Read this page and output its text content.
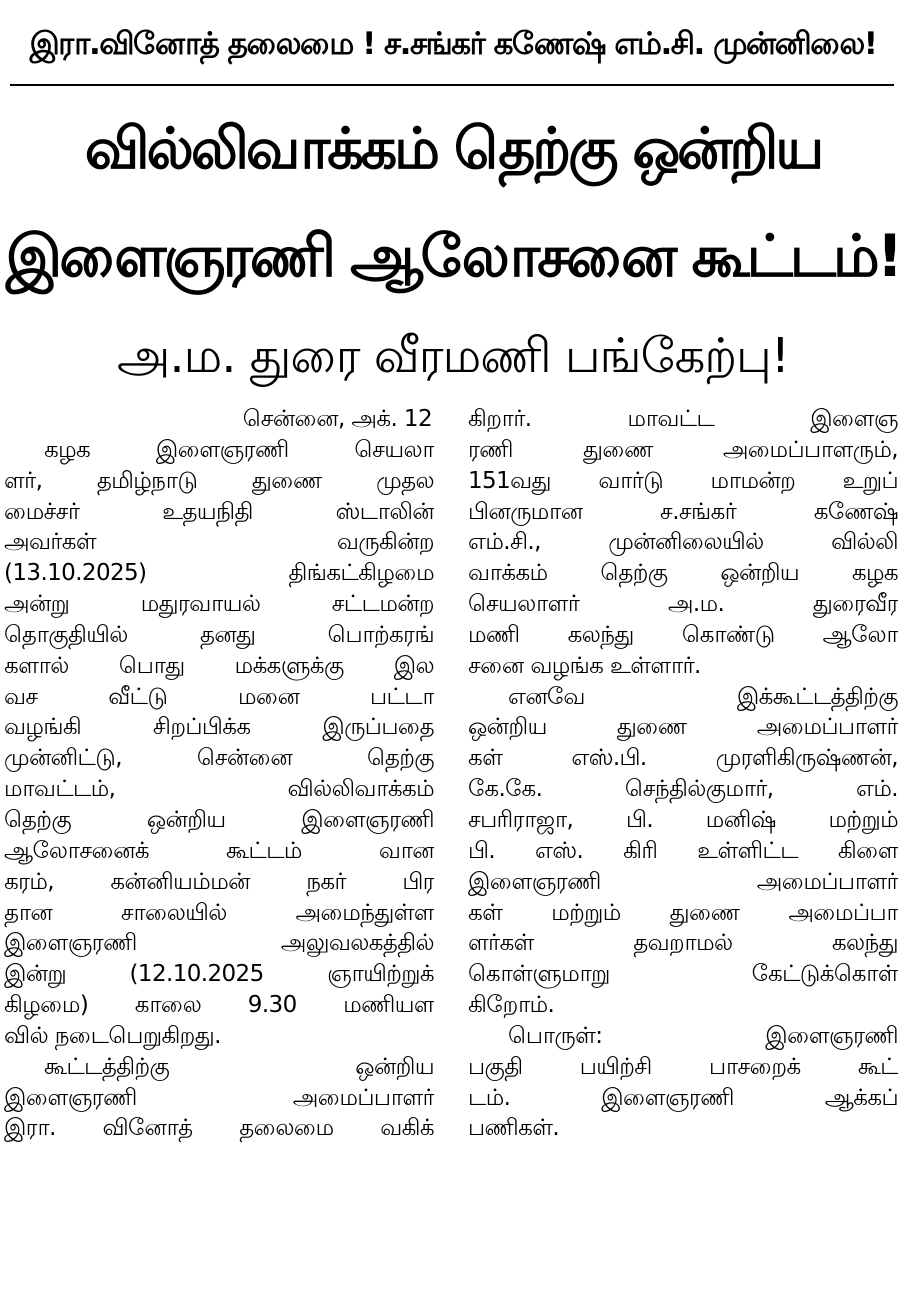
இரா.வினோத் தலைமை ! ச.சங்கர் கணேஷ் எம்.சி. முன்னிலை!
வில்லிவாக்கம் தெற்கு ஒன்றிய
இளைஞரணி ஆலோசனை கூட்டம்!
அ.ம. துரை வீரமணி பங்கேற்பு!
சென்னை, அக். 12
கழக இளைஞரணி செயலா
ளர், தமிழ்நாடு துணை முதல
மைச்சர் உதயநிதி ஸ்டாலின்
அவர்கள் வருகின்ற
(13.10.2025) திங்கட்கிழமை
அன்று மதுரவாயல் சட்டமன்ற
தொகுதியில் தனது பொற்கரங்
களால் பொது மக்களுக்கு இல
வச வீட்டு மனை பட்டா
வழங்கி சிறப்பிக்க இருப்பதை
முன்னிட்டு, சென்னை தெற்கு
மாவட்டம், வில்லிவாக்கம்
தெற்கு ஒன்றிய இளைஞரணி
ஆலோசனைக் கூட்டம் வான
கரம், கன்னியம்மன் நகர் பிர
தான சாலையில் அமைந்துள்ள
இளைஞரணி அலுவலகத்தில்
இன்று (12.10.2025 ஞாயிற்றுக்
கிழமை) காலை 9.30 மணியள
வில் நடைபெறுகிறது.
கூட்டத்திற்கு ஒன்றிய
இளைஞரணி அமைப்பாளர்
இரா. வினோத் தலைமை வகிக்
கிறார். மாவட்ட இளைஞ
ரணி துணை அமைப்பாளரும்,
151வது வார்டு மாமன்ற உறுப்
பினருமான ச.சங்கர் கணேஷ்
எம்.சி., முன்னிலையில் வில்லி
வாக்கம் தெற்கு ஒன்றிய கழக
செயலாளர் அ.ம. துரைவீர
மணி கலந்து கொண்டு ஆலோ
சனை வழங்க உள்ளார்.
எனவே இக்கூட்டத்திற்கு
ஒன்றிய துணை அமைப்பாளர்
கள் எஸ்.பி. முரளிகிருஷ்ணன்,
கே.கே. செந்தில்குமார், எம்.
சபரிராஜா, பி. மனிஷ் மற்றும்
பி. எஸ். கிரி உள்ளிட்ட கிளை
இளைஞரணி அமைப்பாளர்
கள் மற்றும் துணை அமைப்பா
ளர்கள் தவறாமல் கலந்து
கொள்ளுமாறு கேட்டுக்கொள்
கிறோம்.
பொருள்: இளைஞரணி
பகுதி பயிற்சி பாசறைக் கூட்
டம். இளைஞரணி ஆக்கப்
பணிகள்.
